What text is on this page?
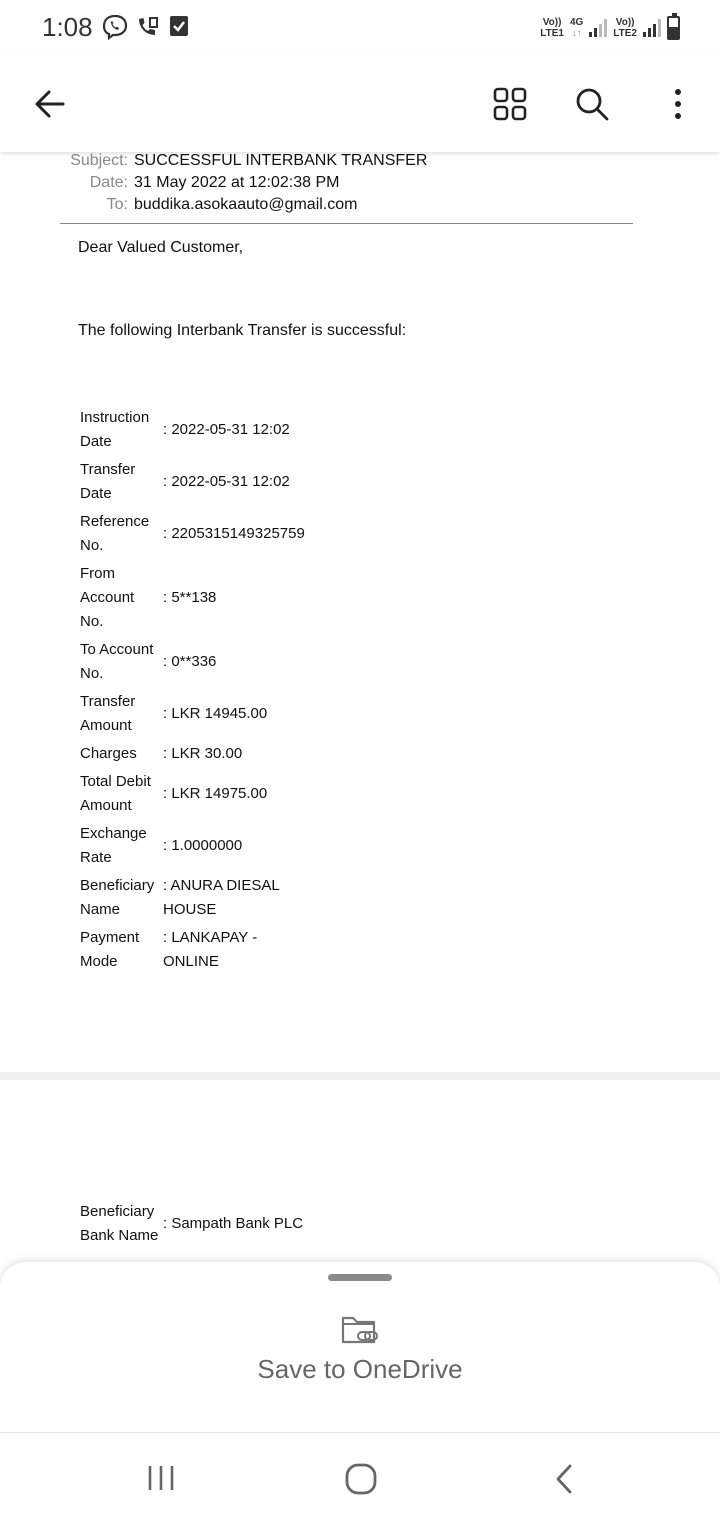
1:08	Vo))
LTE1
4G
↓↑
Vo))
LTE2
Subject: SUCCESSFUL INTERBANK TRANSFER
Date: 31 May 2022 at 12:02:38 PM
To: buddika.asokaauto@gmail.com
Dear Valued Customer,
The following Interbank Transfer is successful:
Instruction Date	: 2022-05-31 12:02
Transfer Date	: 2022-05-31 12:02
Reference No.	: 2205315149325759
From Account No.	: 5**138
To Account No.	: 0**336
Transfer Amount	: LKR 14945.00
Charges	: LKR 30.00
Total Debit Amount	: LKR 14975.00
Exchange Rate	: 1.0000000
Beneficiary Name	: ANURA DIESAL HOUSE
Payment Mode	: LANKAPAY - ONLINE
Beneficiary Bank Name	: Sampath Bank PLC
Save to OneDrive
